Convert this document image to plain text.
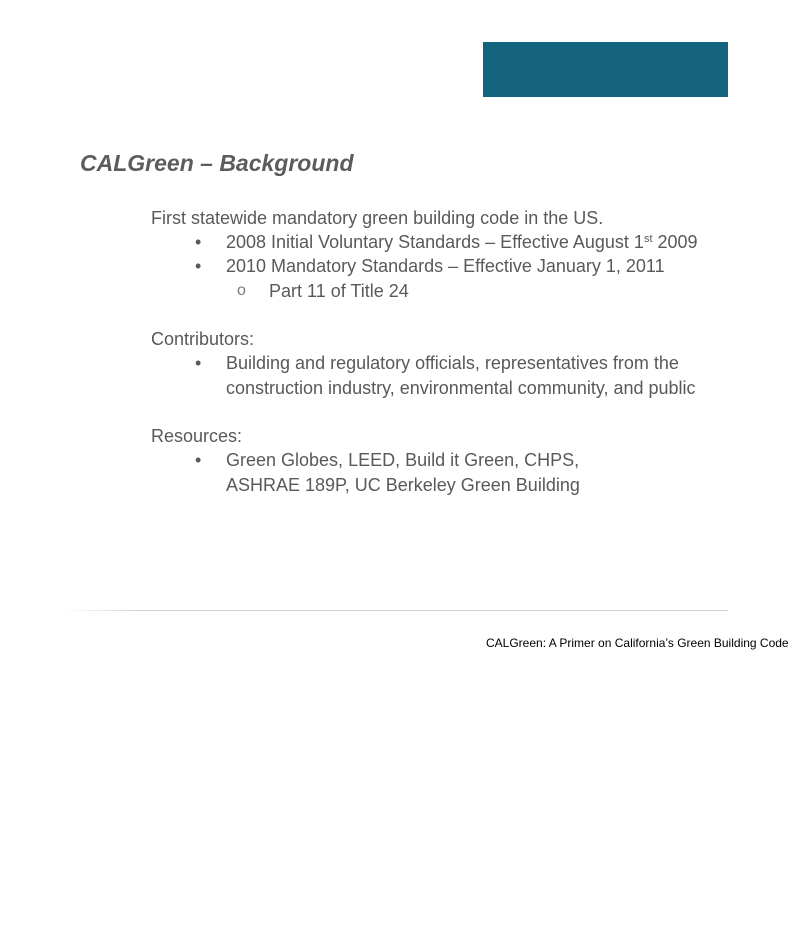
CALGreen – Background
First statewide mandatory green building code in the US.
• 2008 Initial Voluntary Standards – Effective August 1st 2009
• 2010 Mandatory Standards – Effective January 1, 2011
o Part 11 of Title 24
Contributors:
• Building and regulatory officials, representatives from the
construction industry, environmental community, and public
Resources:
• Green Globes, LEED, Build it Green, CHPS,
ASHRAE 189P, UC Berkeley Green Building
CALGreen: A Primer on California’s Green Building Code
